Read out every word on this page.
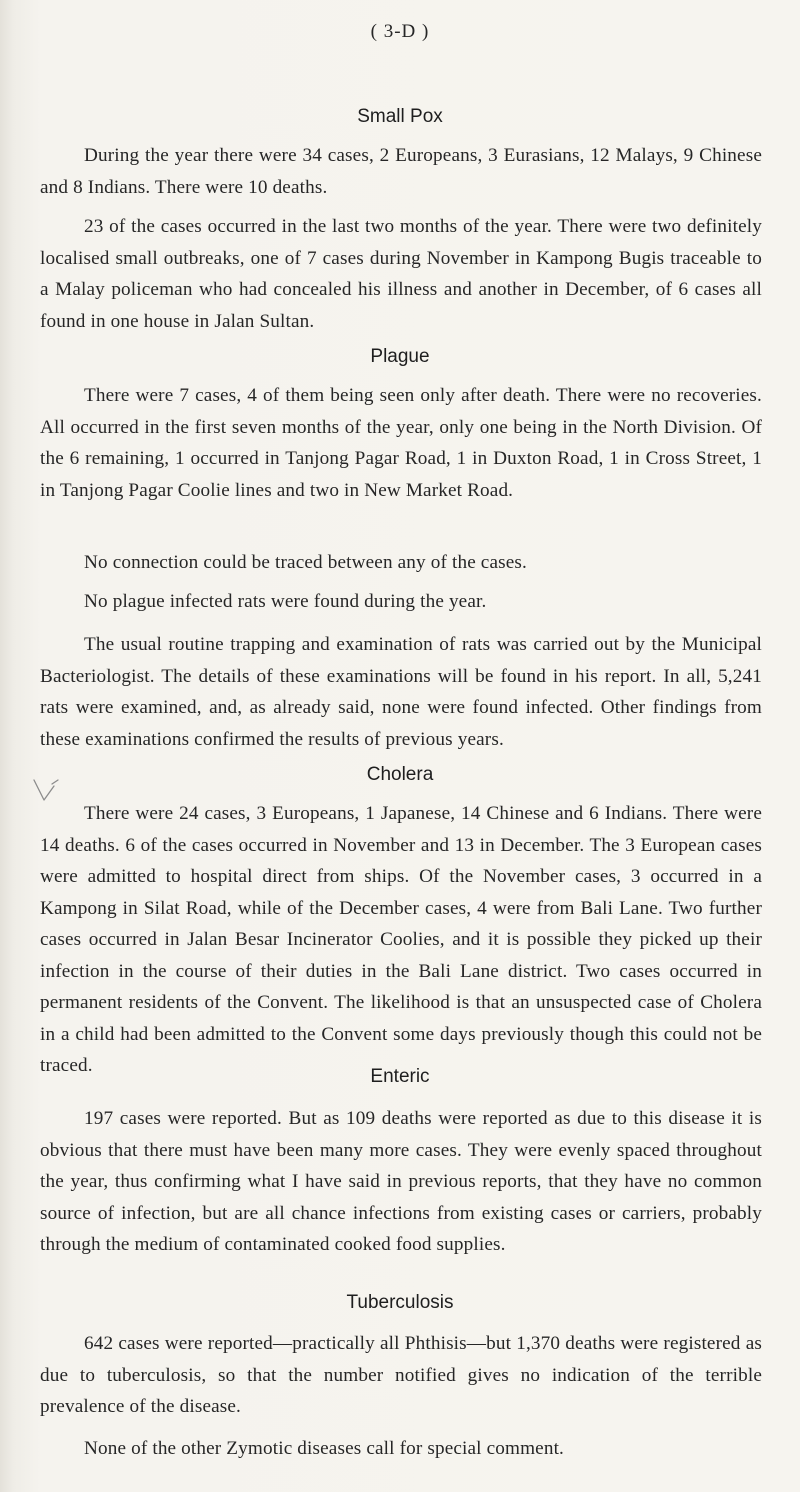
( 3-D )
Small Pox

During the year there were 34 cases, 2 Europeans, 3 Eurasians, 12 Malays, 9 Chinese and 8 Indians. There were 10 deaths.

23 of the cases occurred in the last two months of the year. There were two definitely localised small outbreaks, one of 7 cases during November in Kampong Bugis traceable to a Malay policeman who had concealed his illness and another in December, of 6 cases all found in one house in Jalan Sultan.

Plague

There were 7 cases, 4 of them being seen only after death. There were no recoveries. All occurred in the first seven months of the year, only one being in the North Division. Of the 6 remaining, 1 occurred in Tanjong Pagar Road, 1 in Duxton Road, 1 in Cross Street, 1 in Tanjong Pagar Coolie lines and two in New Market Road.

No connection could be traced between any of the cases.

No plague infected rats were found during the year.

The usual routine trapping and examination of rats was carried out by the Municipal Bacteriologist. The details of these examinations will be found in his report. In all, 5,241 rats were examined, and, as already said, none were found infected. Other findings from these examinations confirmed the results of previous years.

Cholera

There were 24 cases, 3 Europeans, 1 Japanese, 14 Chinese and 6 Indians. There were 14 deaths. 6 of the cases occurred in November and 13 in December. The 3 European cases were admitted to hospital direct from ships. Of the November cases, 3 occurred in a Kampong in Silat Road, while of the December cases, 4 were from Bali Lane. Two further cases occurred in Jalan Besar Incinerator Coolies, and it is possible they picked up their infection in the course of their duties in the Bali Lane district. Two cases occurred in permanent residents of the Convent. The likelihood is that an unsuspected case of Cholera in a child had been admitted to the Convent some days previously though this could not be traced.

Enteric

197 cases were reported. But as 109 deaths were reported as due to this disease it is obvious that there must have been many more cases. They were evenly spaced throughout the year, thus confirming what I have said in previous reports, that they have no common source of infection, but are all chance infections from existing cases or carriers, probably through the medium of contaminated cooked food supplies.

Tuberculosis

642 cases were reported—practically all Phthisis—but 1,370 deaths were registered as due to tuberculosis, so that the number notified gives no indication of the terrible prevalence of the disease.

None of the other Zymotic diseases call for special comment.
